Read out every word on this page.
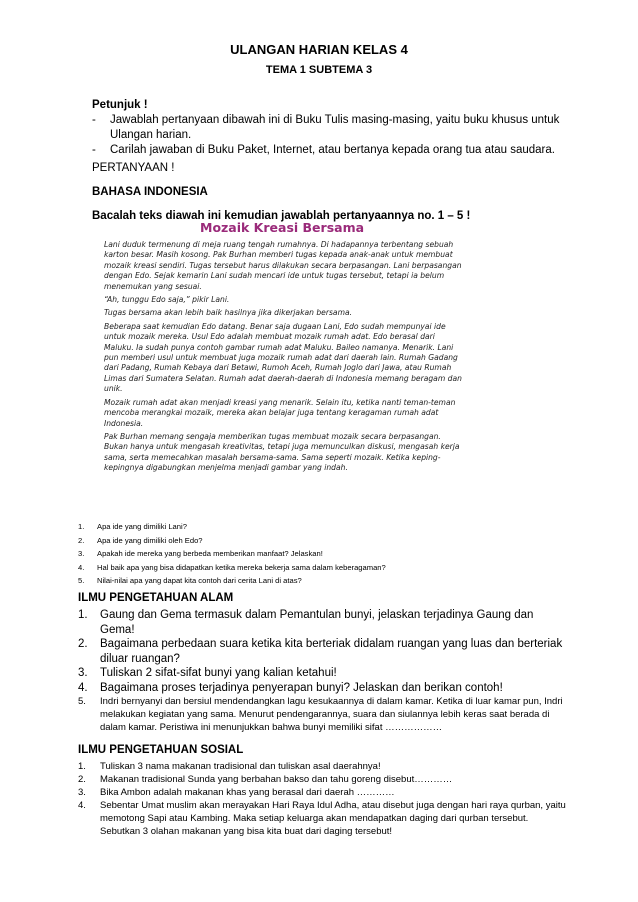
ULANGAN HARIAN KELAS 4
TEMA 1 SUBTEMA 3
Petunjuk !
-	Jawablah pertanyaan dibawah ini di Buku Tulis masing-masing, yaitu buku khusus untuk Ulangan harian.
-	Carilah jawaban di Buku Paket, Internet, atau bertanya kepada orang tua atau saudara.
PERTANYAAN !
BAHASA INDONESIA
Bacalah teks diawah ini kemudian jawablah pertanyaannya no. 1 – 5 !
Mozaik Kreasi Bersama

Lani duduk termenung di meja ruang tengah rumahnya. Di hadapannya terbentang sebuah karton besar. Masih kosong. Pak Burhan memberi tugas kepada anak-anak untuk membuat mozaik kreasi sendiri. Tugas tersebut harus dilakukan secara berpasangan. Lani berpasangan dengan Edo. Sejak kemarin Lani sudah mencari ide untuk tugas tersebut, tetapi ia belum menemukan yang sesuai.

“Ah, tunggu Edo saja,” pikir Lani.

Tugas bersama akan lebih baik hasilnya jika dikerjakan bersama.

Beberapa saat kemudian Edo datang. Benar saja dugaan Lani, Edo sudah mempunyai ide untuk mozaik mereka. Usul Edo adalah membuat mozaik rumah adat. Edo berasal dari Maluku. Ia sudah punya contoh gambar rumah adat Maluku. Baileo namanya. Menarik. Lani pun memberi usul untuk membuat juga mozaik rumah adat dari daerah lain. Rumah Gadang dari Padang, Rumah Kebaya dari Betawi, Rumoh Aceh, Rumah Joglo dari Jawa, atau Rumah Limas dari Sumatera Selatan. Rumah adat daerah-daerah di Indonesia memang beragam dan unik.

Mozaik rumah adat akan menjadi kreasi yang menarik. Selain itu, ketika nanti teman-teman mencoba merangkai mozaik, mereka akan belajar juga tentang keragaman rumah adat Indonesia.

Pak Burhan memang sengaja memberikan tugas membuat mozaik secara berpasangan. Bukan hanya untuk mengasah kreativitas, tetapi juga memunculkan diskusi, mengasah kerja sama, serta memecahkan masalah bersama-sama. Sama seperti mozaik. Ketika keping-kepingnya digabungkan menjelma menjadi gambar yang indah.

1.	Apa ide yang dimiliki Lani?
2.	Apa ide yang dimiliki oleh Edo?
3.	Apakah ide mereka yang berbeda memberikan manfaat? Jelaskan!
4.	Hal baik apa yang bisa didapatkan ketika mereka bekerja sama dalam keberagaman?
5.	Nilai-nilai apa yang dapat kita contoh dari cerita Lani di atas?
ILMU PENGETAHUAN ALAM
1.	Gaung dan Gema termasuk dalam Pemantulan bunyi, jelaskan terjadinya Gaung dan Gema!
2.	Bagaimana perbedaan suara ketika kita berteriak didalam ruangan yang luas dan berteriak diluar ruangan?
3.	Tuliskan 2 sifat-sifat bunyi yang kalian ketahui!
4.	Bagaimana proses terjadinya penyerapan bunyi? Jelaskan dan berikan contoh!
5.	Indri bernyanyi dan bersiul mendendangkan lagu kesukaannya di dalam kamar. Ketika di luar kamar pun, Indri melakukan kegiatan yang sama. Menurut pendengarannya, suara dan siulannya lebih keras saat berada di dalam kamar. Peristiwa ini menunjukkan bahwa bunyi memiliki sifat ………………
ILMU PENGETAHUAN SOSIAL
1.	Tuliskan 3 nama makanan tradisional dan tuliskan asal daerahnya!
2.	Makanan tradisional Sunda yang berbahan bakso dan tahu goreng disebut…………
3.	Bika Ambon adalah makanan khas yang berasal dari daerah …………
4.	Sebentar Umat muslim akan merayakan Hari Raya Idul Adha, atau disebut juga dengan hari raya qurban, yaitu memotong Sapi atau Kambing. Maka setiap keluarga akan mendapatkan daging dari qurban tersebut. Sebutkan 3 olahan makanan yang bisa kita buat dari daging tersebut!
